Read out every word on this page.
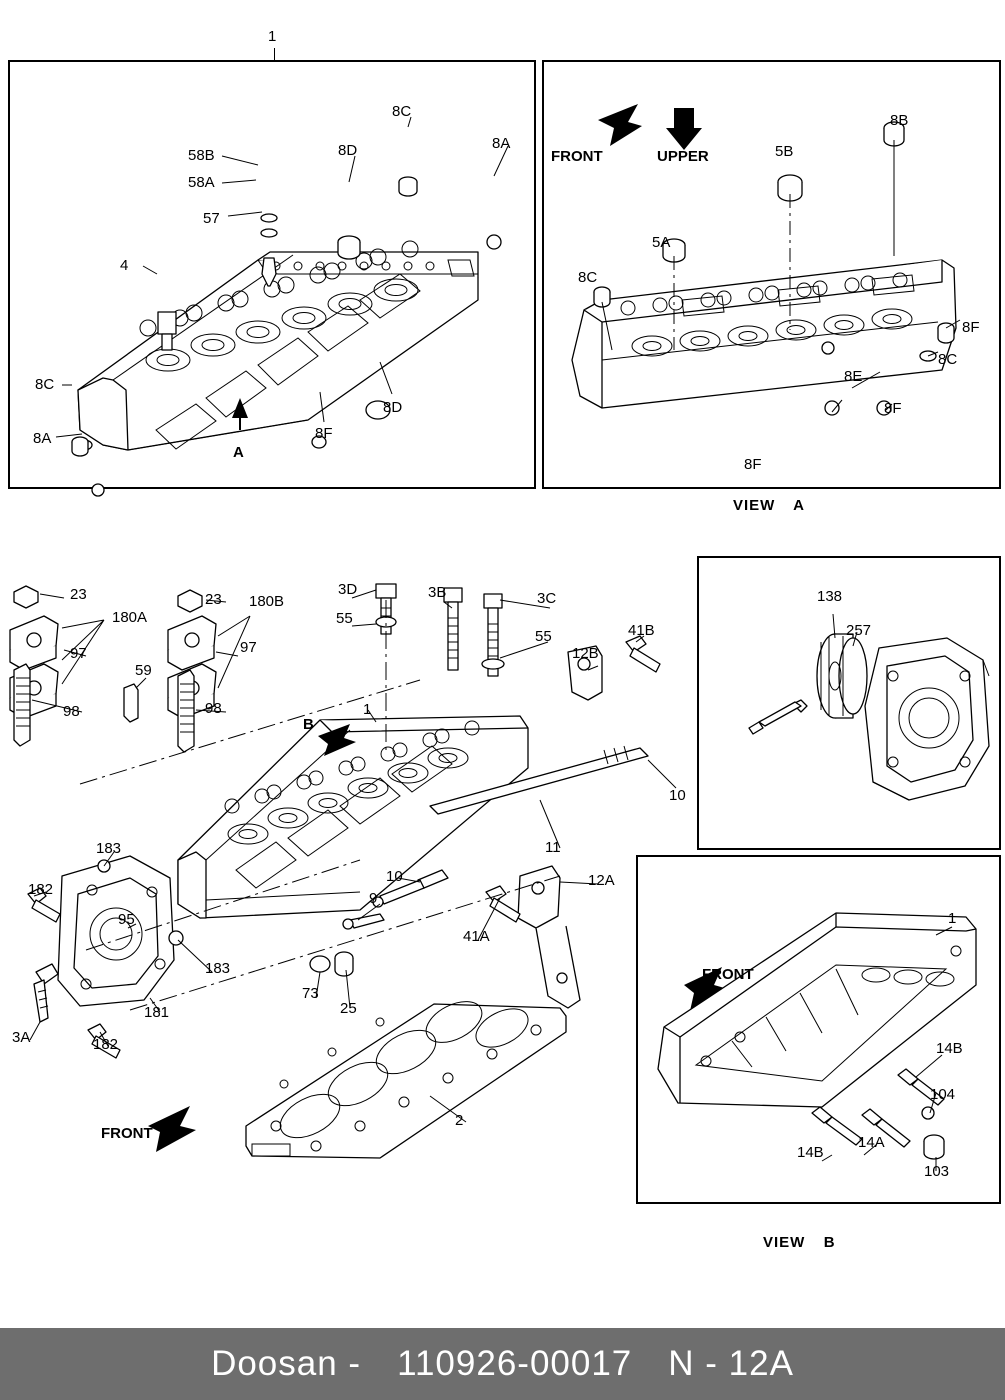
1
58B
58A
57
4
8D
8C
8A
8C
8A	8F
8D
A
FRONT	UPPER
8B
5B
5A
8C
8F
8C
8E
8F
8F
VIEW A
138
257
FRONT
1
14B
104
14A
14B
103
VIEW B
23
180A
97
98
23 180B
97
98
59
3D	3B	3C
55
55
B
1
12B
41B
10
11
10
9
41A
12A
183
182
95
183
181
182
3A
73
25
2
FRONT
Doosan - 110926-00017 N - 12A
